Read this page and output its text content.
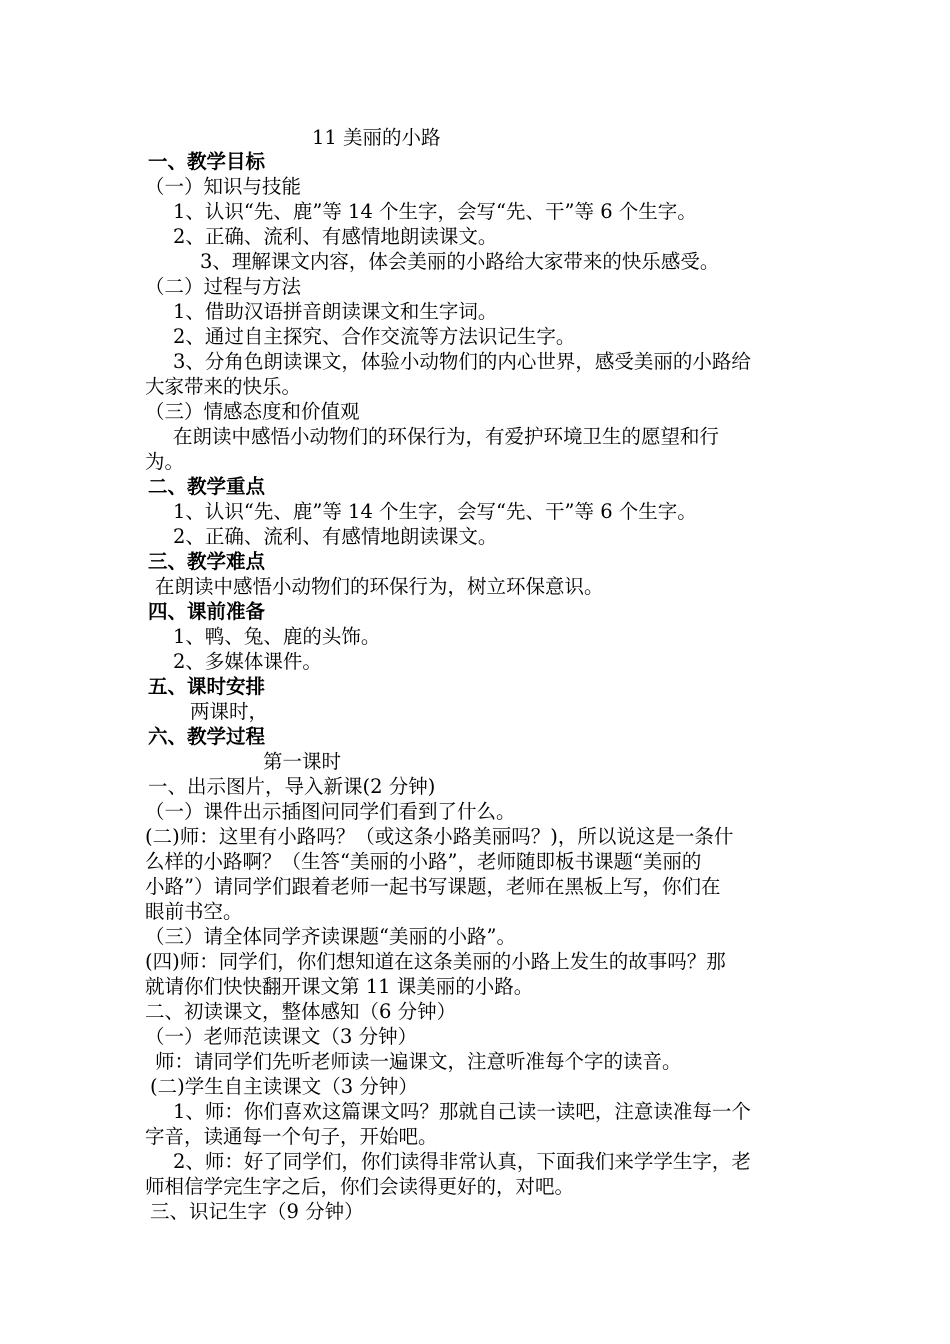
11 美丽的小路
一、教学目标
（一）知识与技能
1、认识“先、鹿”等 14 个生字，会写“先、干”等 6 个生字。
2、正确、流利、有感情地朗读课文。
3、理解课文内容，体会美丽的小路给大家带来的快乐感受。
（二）过程与方法
1、借助汉语拼音朗读课文和生字词。
2、通过自主探究、合作交流等方法识记生字。
3、分角色朗读课文，体验小动物们的内心世界，感受美丽的小路给
大家带来的快乐。
（三）情感态度和价值观
在朗读中感悟小动物们的环保行为，有爱护环境卫生的愿望和行
为。
二、教学重点
1、认识“先、鹿”等 14 个生字，会写“先、干”等 6 个生字。
2、正确、流利、有感情地朗读课文。
三、教学难点
在朗读中感悟小动物们的环保行为，树立环保意识。
四、课前准备
1、鸭、兔、鹿的头饰。
2、多媒体课件。
五、课时安排
两课时，
六、教学过程
第一课时
一、出示图片，导入新课(2 分钟)
（一）课件出示插图问同学们看到了什么。
(二)师：这里有小路吗？（或这条小路美丽吗？)，所以说这是一条什
么样的小路啊？（生答“美丽的小路”，老师随即板书课题“美丽的
小路”）请同学们跟着老师一起书写课题，老师在黑板上写，你们在
眼前书空。
（三）请全体同学齐读课题“美丽的小路”。
(四)师：同学们，你们想知道在这条美丽的小路上发生的故事吗？那
就请你们快快翻开课文第 11 课美丽的小路。
二、初读课文，整体感知（6 分钟）
（一）老师范读课文（3 分钟）
师：请同学们先听老师读一遍课文，注意听准每个字的读音。
(二)学生自主读课文（3 分钟）
1、师：你们喜欢这篇课文吗？那就自己读一读吧，注意读准每一个
字音，读通每一个句子，开始吧。
2、师：好了同学们，你们读得非常认真，下面我们来学学生字，老
师相信学完生字之后，你们会读得更好的，对吧。
三、识记生字（9 分钟）
